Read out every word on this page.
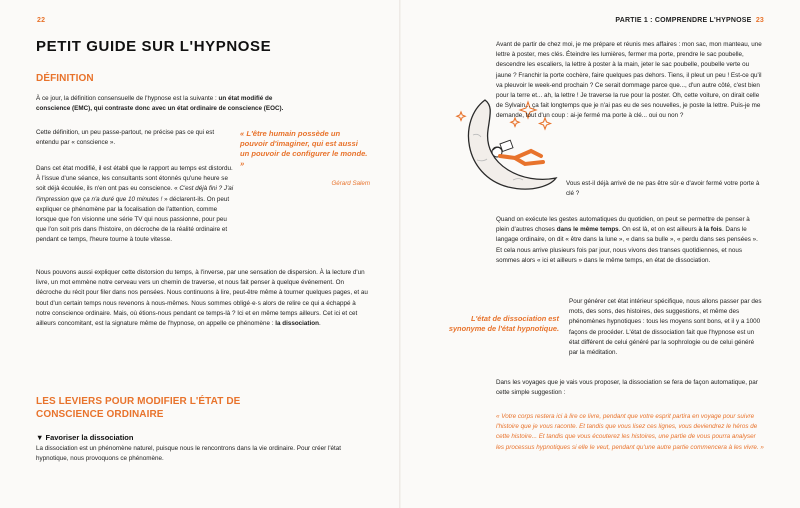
22
PETIT GUIDE SUR L'HYPNOSE
DÉFINITION

À ce jour, la définition consensuelle de l'hypnose est la suivante : un état modifié de conscience (EMC), qui contraste donc avec un état ordinaire de conscience (EOC).

Cette définition, un peu passe-partout, ne précise pas ce qui est entendu par « conscience ».

« L'être humain possède un pouvoir d'imaginer, qui est aussi un pouvoir de configurer le monde. »
Gérard Salem

Dans cet état modifié, il est établi que le rapport au temps est distordu. À l'issue d'une séance, les consultants sont étonnés qu'une heure se soit déjà écoulée, ils n'en ont pas eu conscience. « C'est déjà fini ? J'ai l'impression que ça n'a duré que 10 minutes ! » déclarent-ils. On peut expliquer ce phénomène par la focalisation de l'attention, comme lorsque que l'on visionne une série TV qui nous passionne, pour peu que l'on soit pris dans l'histoire, on décroche de la réalité ordinaire et pendant ce temps, l'heure tourne à toute vitesse.

Nous pouvons aussi expliquer cette distorsion du temps, à l'inverse, par une sensation de dispersion. À la lecture d'un livre, un mot emmène notre cerveau vers un chemin de traverse, et nous fait penser à quelque événement. On décroche du récit pour filer dans nos pensées. Nous continuons à lire, peut-être même à tourner quelques pages, et au bout d'un certain temps nous revenons à nous-mêmes. Nous sommes obligé·e·s alors de relire ce qui a échappé à notre conscience ordinaire. Mais, où étions-nous pendant ce temps-là ? Ici et en même temps ailleurs. Cet ici et cet ailleurs concomitant, est la signature même de l'hypnose, on appelle ce phénomène : la dissociation.

LES LEVIERS POUR MODIFIER L'ÉTAT DE CONSCIENCE ORDINAIRE
▼ Favoriser la dissociation

La dissociation est un phénomène naturel, puisque nous le rencontrons dans la vie ordinaire. Pour créer l'état hypnotique, nous provoquons ce phénomène.

PARTIE 1 : COMPRENDRE L'HYPNOSE 23

Avant de partir de chez moi, je me prépare et réunis mes affaires : mon sac, mon manteau, une lettre à poster, mes clés. Éteindre les lumières, fermer ma porte, prendre le sac poubelle, descendre les escaliers, la lettre à poster à la main, jeter le sac poubelle, poubelle verte ou jaune ? Franchir la porte cochère, faire quelques pas dehors. Tiens, il pleut un peu ! Est-ce qu'il va pleuvoir le week-end prochain ? Ce serait dommage parce que..., d'un autre côté, c'est bien pour la terre et... ah, la lettre ! Je traverse la rue pour la poster. Oh, cette voiture, on dirait celle de Sylvain... ça fait longtemps que je n'ai pas eu de ses nouvelles, je poste la lettre. Puis-je me demande, tout d'un coup : ai-je fermé ma porte à clé... oui ou non ?

Vous est-il déjà arrivé de ne pas être sûr·e d'avoir fermé votre porte à clé ?

Quand on exécute les gestes automatiques du quotidien, on peut se permettre de penser à plein d'autres choses dans le même temps. On est là, et on est ailleurs à la fois. Dans le langage ordinaire, on dit « être dans la lune », « dans sa bulle », « perdu dans ses pensées ». Et cela nous arrive plusieurs fois par jour, nous vivons des transes quotidiennes, et nous sommes alors « ici et ailleurs » dans le même temps, en état de dissociation.

L'état de dissociation est synonyme de l'état hypnotique.

Pour générer cet état intérieur spécifique, nous allons passer par des mots, des sons, des histoires, des suggestions, et même des phénomènes hypnotiques : tous les moyens sont bons, et il y a 1000 façons de procéder. L'état de dissociation fait que l'hypnose est un état différent de celui généré par la sophrologie ou de celui généré par la méditation.

Dans les voyages que je vais vous proposer, la dissociation se fera de façon automatique, par cette simple suggestion :

« Votre corps restera ici à lire ce livre, pendant que votre esprit partira en voyage pour suivre l'histoire que je vous raconte. Et tandis que vous lisez ces lignes, vous deviendrez le héros de cette histoire... Et tandis que vous écouterez les histoires, une partie de vous pourra analyser les processus hypnotiques si elle le veut, pendant qu'une autre partie commencera à les vivre. »
